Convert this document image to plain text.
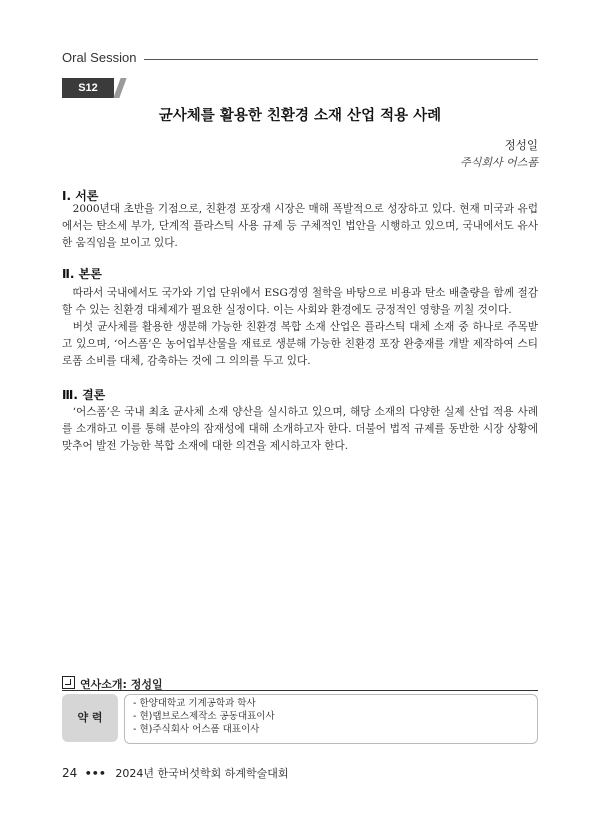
Oral Session
S12
균사체를 활용한 친환경 소재 산업 적용 사례
정성일
주식회사 어스폼
Ⅰ. 서론

2000년대 초반을 기점으로, 친환경 포장재 시장은 매해 폭발적으로 성장하고 있다. 현재 미국과 유럽에서는 탄소세 부가, 단계적 플라스틱 사용 규제 등 구체적인 법안을 시행하고 있으며, 국내에서도 유사한 움직임을 보이고 있다.

Ⅱ. 본론

따라서 국내에서도 국가와 기업 단위에서 ESG경영 철학을 바탕으로 비용과 탄소 배출량을 함께 절감할 수 있는 친환경 대체제가 필요한 실정이다. 이는 사회와 환경에도 긍정적인 영향을 끼칠 것이다.

버섯 균사체를 활용한 생분해 가능한 친환경 복합 소재 산업은 플라스틱 대체 소재 중 하나로 주목받고 있으며, ‘어스폼’은 농어업부산물을 재료로 생분해 가능한 친환경 포장 완충재를 개발 제작하여 스티로폼 소비를 대체, 감축하는 것에 그 의의를 두고 있다.

Ⅲ. 결론

‘어스폼’은 국내 최초 균사체 소재 양산을 실시하고 있으며, 해당 소재의 다양한 실제 산업 적용 사례를 소개하고 이를 통해 분야의 잠재성에 대해 소개하고자 한다. 더불어 법적 규제를 동반한 시장 상황에 맞추어 발전 가능한 복합 소재에 대한 의견을 제시하고자 한다.

연사소개: 정성일
약 력
- 한양대학교 기계공학과 학사
- 현)랩브로스제작소 공동대표이사
- 현)주식회사 어스폼 대표이사
24 ••• 2024년 한국버섯학회 하계학술대회
